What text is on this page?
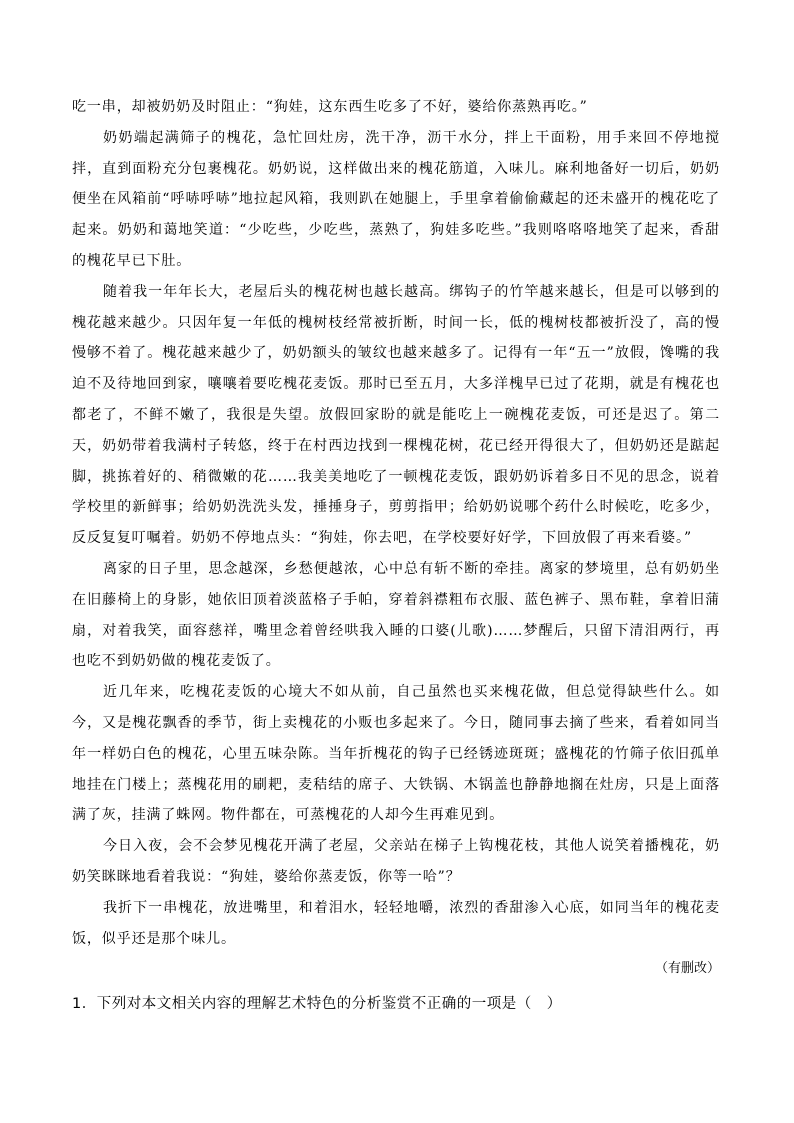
吃一串，却被奶奶及时阻止：“狗娃，这东西生吃多了不好，婆给你蒸熟再吃。”

奶奶端起满筛子的槐花，急忙回灶房，洗干净，沥干水分，拌上干面粉，用手来回不停地搅拌，直到面粉充分包裹槐花。奶奶说，这样做出来的槐花筋道，入味儿。麻利地备好一切后，奶奶便坐在风箱前“呼哧呼哧”地拉起风箱，我则趴在她腿上，手里拿着偷偷藏起的还未盛开的槐花吃了起来。奶奶和蔼地笑道：“少吃些，少吃些，蒸熟了，狗娃多吃些。”我则咯咯咯地笑了起来，香甜的槐花早已下肚。

随着我一年年长大，老屋后头的槐花树也越长越高。绑钩子的竹竿越来越长，但是可以够到的槐花越来越少。只因年复一年低的槐树枝经常被折断，时间一长，低的槐树枝都被折没了，高的慢慢够不着了。槐花越来越少了，奶奶额头的皱纹也越来越多了。记得有一年“五一”放假，馋嘴的我迫不及待地回到家，嚷嚷着要吃槐花麦饭。那时已至五月，大多洋槐早已过了花期，就是有槐花也都老了，不鲜不嫩了，我很是失望。放假回家盼的就是能吃上一碗槐花麦饭，可还是迟了。第二天，奶奶带着我满村子转悠，终于在村西边找到一棵槐花树，花已经开得很大了，但奶奶还是踮起脚，挑拣着好的、稍微嫩的花……我美美地吃了一顿槐花麦饭，跟奶奶诉着多日不见的思念，说着学校里的新鲜事；给奶奶洗洗头发，捶捶身子，剪剪指甲；给奶奶说哪个药什么时候吃，吃多少，反反复复叮嘱着。奶奶不停地点头：“狗娃，你去吧，在学校要好好学，下回放假了再来看婆。”

离家的日子里，思念越深，乡愁便越浓，心中总有斩不断的牵挂。离家的梦境里，总有奶奶坐在旧藤椅上的身影，她依旧顶着淡蓝格子手帕，穿着斜襟粗布衣服、蓝色裤子、黑布鞋，拿着旧蒲扇，对着我笑，面容慈祥，嘴里念着曾经哄我入睡的口婆(儿歌)……梦醒后，只留下清泪两行，再也吃不到奶奶做的槐花麦饭了。

近几年来，吃槐花麦饭的心境大不如从前，自己虽然也买来槐花做，但总觉得缺些什么。如今，又是槐花飘香的季节，街上卖槐花的小贩也多起来了。今日，随同事去摘了些来，看着如同当年一样奶白色的槐花，心里五味杂陈。当年折槐花的钩子已经锈迹斑斑；盛槐花的竹筛子依旧孤单地挂在门楼上；蒸槐花用的刷耙，麦秸结的席子、大铁锅、木锅盖也静静地搁在灶房，只是上面落满了灰，挂满了蛛网。物件都在，可蒸槐花的人却今生再难见到。

今日入夜，会不会梦见槐花开满了老屋，父亲站在梯子上钩槐花枝，其他人说笑着播槐花，奶奶笑眯眯地看着我说：“狗娃，婆给你蒸麦饭，你等一哈”？

我折下一串槐花，放进嘴里，和着泪水，轻轻地嚼，浓烈的香甜渗入心底，如同当年的槐花麦饭，似乎还是那个味儿。

（有删改）

1．下列对本文相关内容的理解艺术特色的分析鉴赏不正确的一项是（　）
